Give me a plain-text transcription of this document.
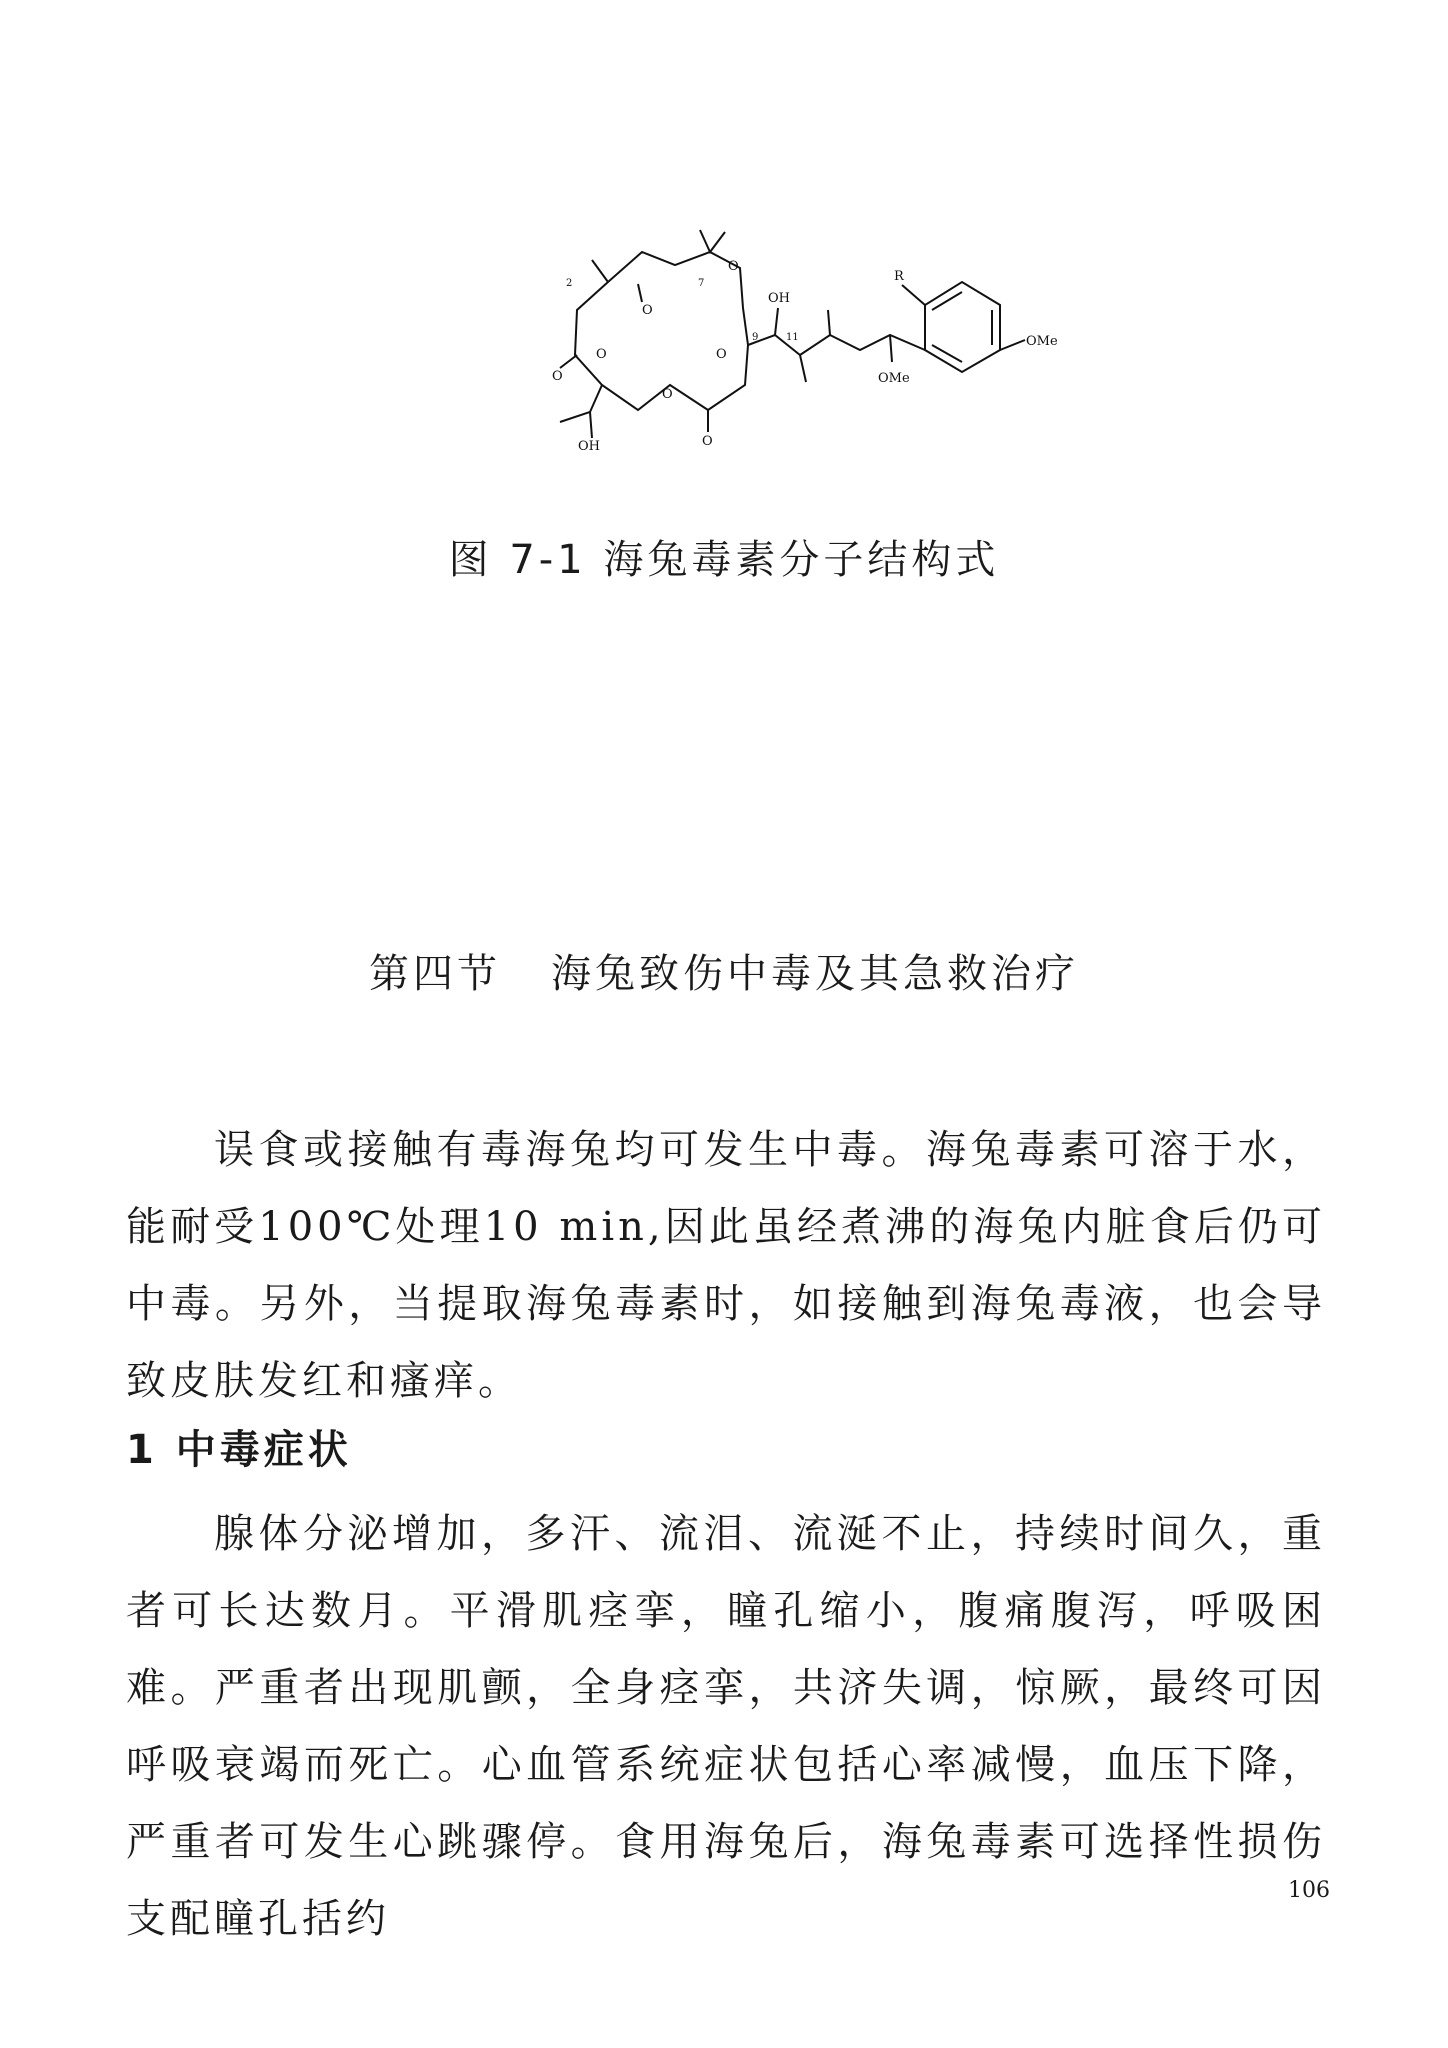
R
OMe
OMe
OH
OH
O
O
O
O	O
O
O
2	7
9	11
图 7-1 海兔毒素分子结构式
第四节 海兔致伤中毒及其急救治疗
误食或接触有毒海兔均可发生中毒。海兔毒素可溶于水，能耐受100℃处理10 min,因此虽经煮沸的海兔内脏食后仍可中毒。另外，当提取海兔毒素时，如接触到海兔毒液，也会导致皮肤发红和瘙痒。
1 中毒症状
腺体分泌增加，多汗、流泪、流涎不止，持续时间久，重者可长达数月。平滑肌痉挛，瞳孔缩小，腹痛腹泻，呼吸困难。严重者出现肌颤，全身痉挛，共济失调，惊厥，最终可因呼吸衰竭而死亡。心血管系统症状包括心率减慢，血压下降，严重者可发生心跳骤停。食用海兔后，海兔毒素可选择性损伤支配瞳孔括约
106
